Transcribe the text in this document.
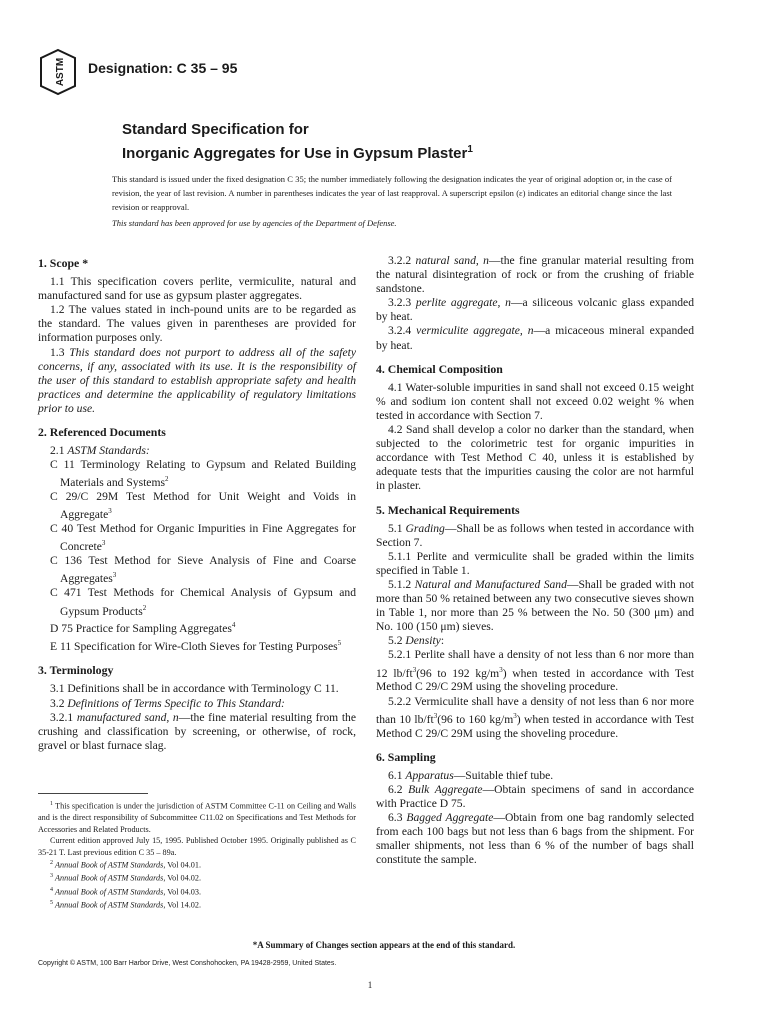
ASTM Designation: C 35 – 95
Standard Specification for
Inorganic Aggregates for Use in Gypsum Plaster$^1$
This standard is issued under the fixed designation C 35; the number immediately following the designation indicates the year of original adoption or, in the case of revision, the year of last revision. A number in parentheses indicates the year of last reapproval. A superscript epsilon (ε) indicates an editorial change since the last revision or reapproval.
This standard has been approved for use by agencies of the Department of Defense.
1. Scope *

1.1 This specification covers perlite, vermiculite, natural and manufactured sand for use as gypsum plaster aggregates.

1.2 The values stated in inch-pound units are to be regarded as the standard. The values given in parentheses are provided for information purposes only.

1.3 This standard does not purport to address all of the safety concerns, if any, associated with its use. It is the responsibility of the user of this standard to establish appropriate safety and health practices and determine the applicability of regulatory limitations prior to use.

2. Referenced Documents

2.1 ASTM Standards:

C 11 Terminology Relating to Gypsum and Related Building Materials and Systems$^2$

C 29/C 29M Test Method for Unit Weight and Voids in Aggregate$^3$

C 40 Test Method for Organic Impurities in Fine Aggregates for Concrete$^3$

C 136 Test Method for Sieve Analysis of Fine and Coarse Aggregates$^3$

C 471 Test Methods for Chemical Analysis of Gypsum and Gypsum Products$^2$

D 75 Practice for Sampling Aggregates$^4$

E 11 Specification for Wire-Cloth Sieves for Testing Purposes$^5$

3. Terminology

3.1 Definitions shall be in accordance with Terminology C 11.

3.2 Definitions of Terms Specific to This Standard:

3.2.1 manufactured sand, n—the fine material resulting from the crushing and classification by screening, or otherwise, of rock, gravel or blast furnace slag.

$^1$ This specification is under the jurisdiction of ASTM Committee C-11 on Ceiling and Walls and is the direct responsibility of Subcommittee C11.02 on Specifications and Test Methods for Accessories and Related Products.

Current edition approved July 15, 1995. Published October 1995. Originally published as C 35-21 T. Last previous edition C 35 – 89a.

$^2$ Annual Book of ASTM Standards, Vol 04.01.

$^3$ Annual Book of ASTM Standards, Vol 04.02.

$^4$ Annual Book of ASTM Standards, Vol 04.03.

$^5$ Annual Book of ASTM Standards, Vol 14.02.

3.2.2 natural sand, n—the fine granular material resulting from the natural disintegration of rock or from the crushing of friable sandstone.

3.2.3 perlite aggregate, n—a siliceous volcanic glass expanded by heat.

3.2.4 vermiculite aggregate, n—a micaceous mineral expanded by heat.

4. Chemical Composition

4.1 Water-soluble impurities in sand shall not exceed 0.15 weight % and sodium ion content shall not exceed 0.02 weight % when tested in accordance with Section 7.

4.2 Sand shall develop a color no darker than the standard, when subjected to the colorimetric test for organic impurities in accordance with Test Method C 40, unless it is established by adequate tests that the impurities causing the color are not harmful in plaster.

5. Mechanical Requirements

5.1 Grading—Shall be as follows when tested in accordance with Section 7.

5.1.1 Perlite and vermiculite shall be graded within the limits specified in Table 1.

5.1.2 Natural and Manufactured Sand—Shall be graded with not more than 50 % retained between any two consecutive sieves shown in Table 1, nor more than 25 % between the No. 50 (300 μm) and No. 100 (150 μm) sieves.

5.2 Density:

5.2.1 Perlite shall have a density of not less than 6 nor more than 12 $lb/ft^3(96$ to 192 $kg/m^3$) when tested in accordance with Test Method C 29/C 29M using the shoveling procedure.

5.2.2 Vermiculite shall have a density of not less than 6 nor more than 10 $lb/ft^3(96$ to 160 $kg/m^3$) when tested in accordance with Test Method C 29/C 29M using the shoveling procedure.

6. Sampling

6.1 Apparatus—Suitable thief tube.

6.2 Bulk Aggregate—Obtain specimens of sand in accordance with Practice D 75.

6.3 Bagged Aggregate—Obtain from one bag randomly selected from each 100 bags but not less than 6 bags from the shipment. For smaller shipments, not less than 6 % of the number of bags shall constitute the sample.

*A Summary of Changes section appears at the end of this standard.
Copyright © ASTM, 100 Barr Harbor Drive, West Conshohocken, PA 19428-2959, United States.
1
